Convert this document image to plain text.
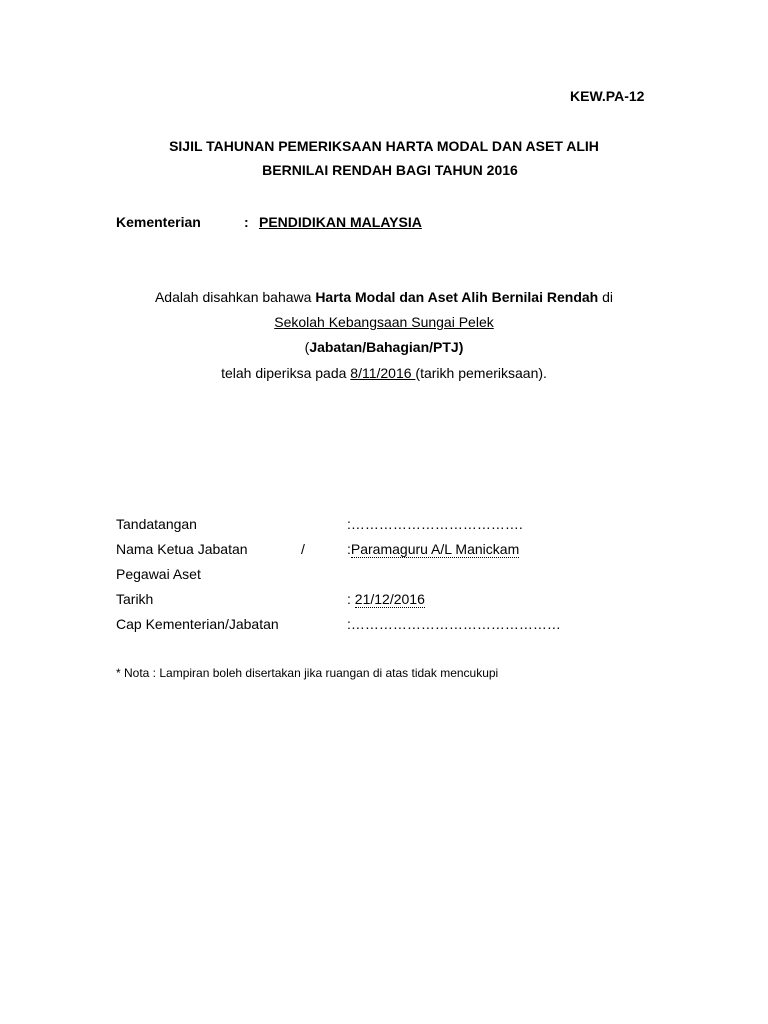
KEW.PA-12
SIJIL TAHUNAN PEMERIKSAAN HARTA MODAL DAN ASET ALIH
BERNILAI RENDAH BAGI TAHUN 2016
Kementerian	: PENDIDIKAN MALAYSIA
Adalah disahkan bahawa Harta Modal dan Aset Alih Bernilai Rendah di
Sekolah Kebangsaan Sungai Pelek
(Jabatan/Bahagian/PTJ)
telah diperiksa pada 8/11/2016 (tarikh pemeriksaan).
Tandatangan	:……………………………….
Nama Ketua Jabatan	/	:Paramaguru A/L Manickam
Pegawai Aset
Tarikh	: 21/12/2016
Cap Kementerian/Jabatan	:………………………………………
* Nota : Lampiran boleh disertakan jika ruangan di atas tidak mencukupi
